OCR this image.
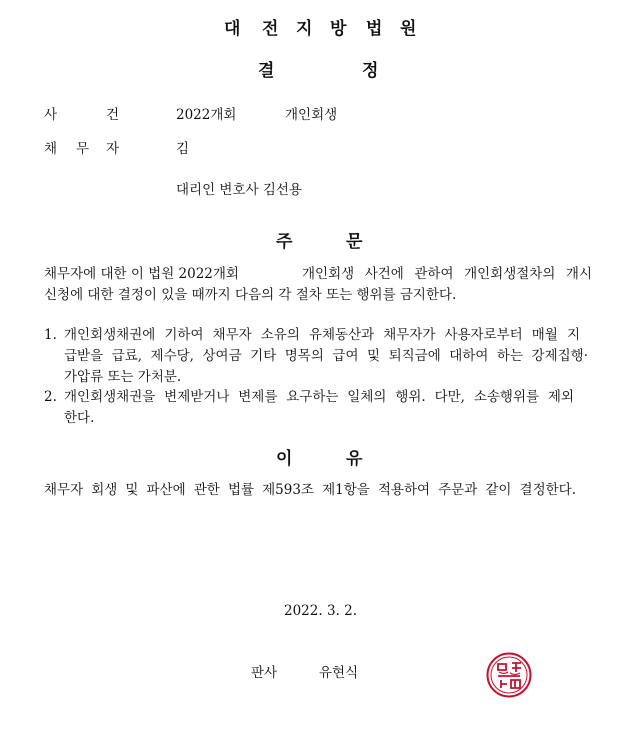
대 전 지 방 법 원
결	정
사	건	2022개회	개인회생
채 무 자	김
대리인 변호사 김선용
주	문
채무자에 대한 이 법원 2022개회	개인회생 사건에 관하여 개인회생절차의 개시
신청에 대한 결정이 있을 때까지 다음의 각 절차 또는 행위를 금지한다.
1. 개인회생채권에 기하여 채무자 소유의 유체동산과 채무자가 사용자로부터 매월 지
급받을 급료, 제수당, 상여금 기타 명목의 급여 및 퇴직금에 대하여 하는 강제집행·
가압류 또는 가처분.
2. 개인회생채권을 변제받거나 변제를 요구하는 일체의 행위. 다만, 소송행위를 제외
한다.
이	유
채무자 회생 및 파산에 관한 법률 제593조 제1항을 적용하여 주문과 같이 결정한다.
2022. 3. 2.
판사	유현식
